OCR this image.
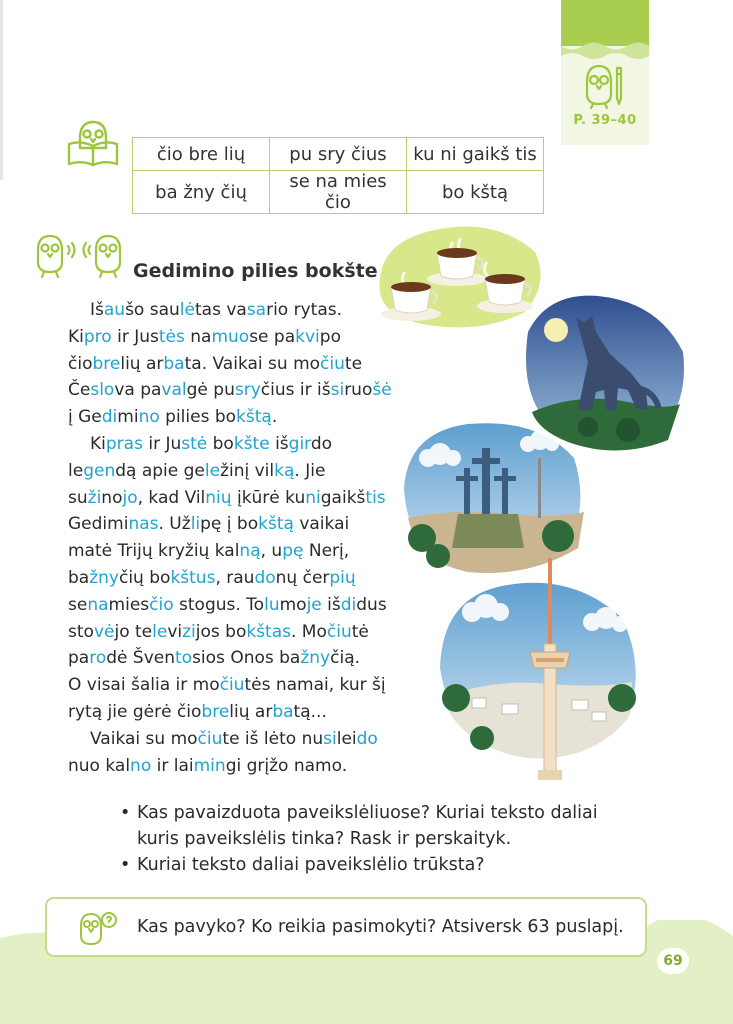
P. 39–40
čio bre lių	pu sry čius	ku ni gaikš tis
ba žny čių	se na mies čio	bo kštą
Gedimino pilies bokšte
Išaušo saulėtas vasario rytas.
Kipro ir Justės namuose pakvipo
čiobrelių arbata. Vaikai su močiute
Česlova pavalgė pusryčius ir išsiruošė
į Gedimino pilies bokštą.
Kipras ir Justė bokšte išgirdo
legendą apie geležinį vilką. Jie
sužinojo, kad Vilnių įkūrė kunigaikštis
Gediminas. Užlipę į bokštą vaikai
matė Trijų kryžių kalną, upę Nerį,
bažnyčių bokštus, raudonų čerpių
senamiesčio stogus. Tolumoje išdidus
stovėjo televizijos bokštas. Močiutė
parodė Šventosios Onos bažnyčią.
O visai šalia ir močiutės namai, kur šį
rytą jie gėrė čiobrelių arbatą...
Vaikai su močiute iš lėto nusileido
nuo kalno ir laimingi grįžo namo.
• Kas pavaizduota paveikslėliuose? Kuriai teksto daliai
kuris paveikslėlis tinka? Rask ir perskaityk.
• Kuriai teksto daliai paveikslėlio trūksta?
Kas pavyko? Ko reikia pasimokyti? Atsiversk 63 puslapį.
69
